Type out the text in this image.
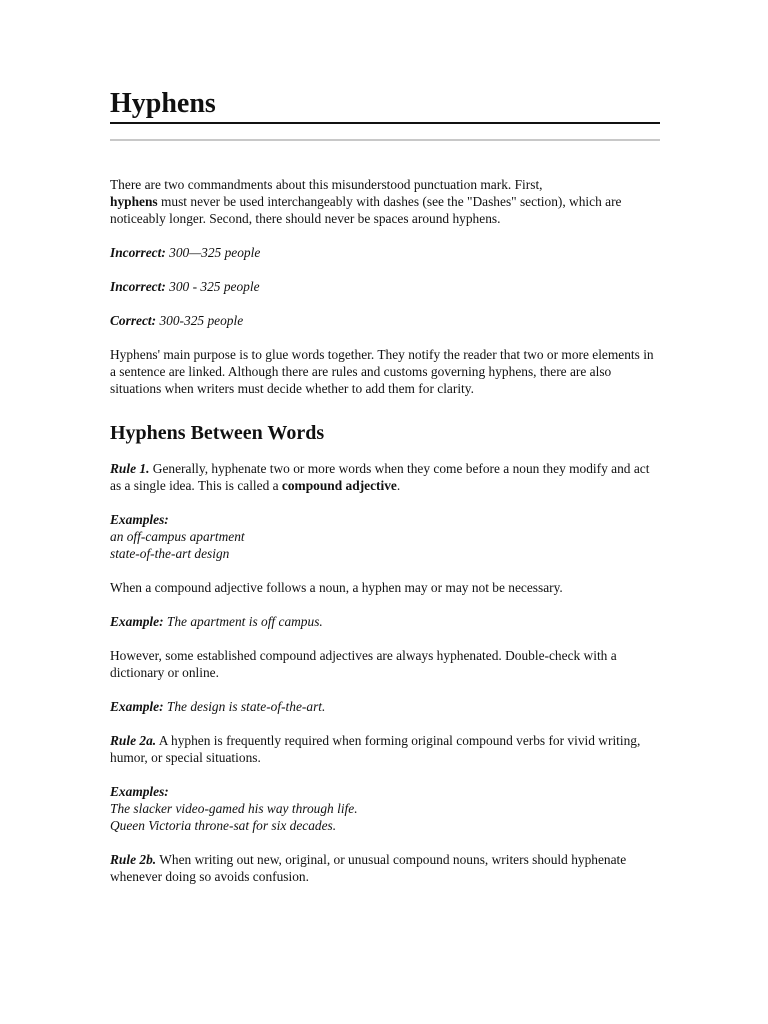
Hyphens

There are two commandments about this misunderstood punctuation mark. First,
hyphens must never be used interchangeably with dashes (see the "Dashes" section), which are noticeably longer. Second, there should never be spaces around hyphens.

Incorrect: 300—325 people

Incorrect: 300 - 325 people

Correct: 300-325 people

Hyphens' main purpose is to glue words together. They notify the reader that two or more elements in a sentence are linked. Although there are rules and customs governing hyphens, there are also situations when writers must decide whether to add them for clarity.

Hyphens Between Words

Rule 1. Generally, hyphenate two or more words when they come before a noun they modify and act as a single idea. This is called a compound adjective.

Examples:
an off-campus apartment
state-of-the-art design

When a compound adjective follows a noun, a hyphen may or may not be necessary.

Example: The apartment is off campus.

However, some established compound adjectives are always hyphenated. Double-check with a dictionary or online.

Example: The design is state-of-the-art.

Rule 2a. A hyphen is frequently required when forming original compound verbs for vivid writing, humor, or special situations.

Examples:
The slacker video-gamed his way through life.
Queen Victoria throne-sat for six decades.

Rule 2b. When writing out new, original, or unusual compound nouns, writers should hyphenate whenever doing so avoids confusion.
